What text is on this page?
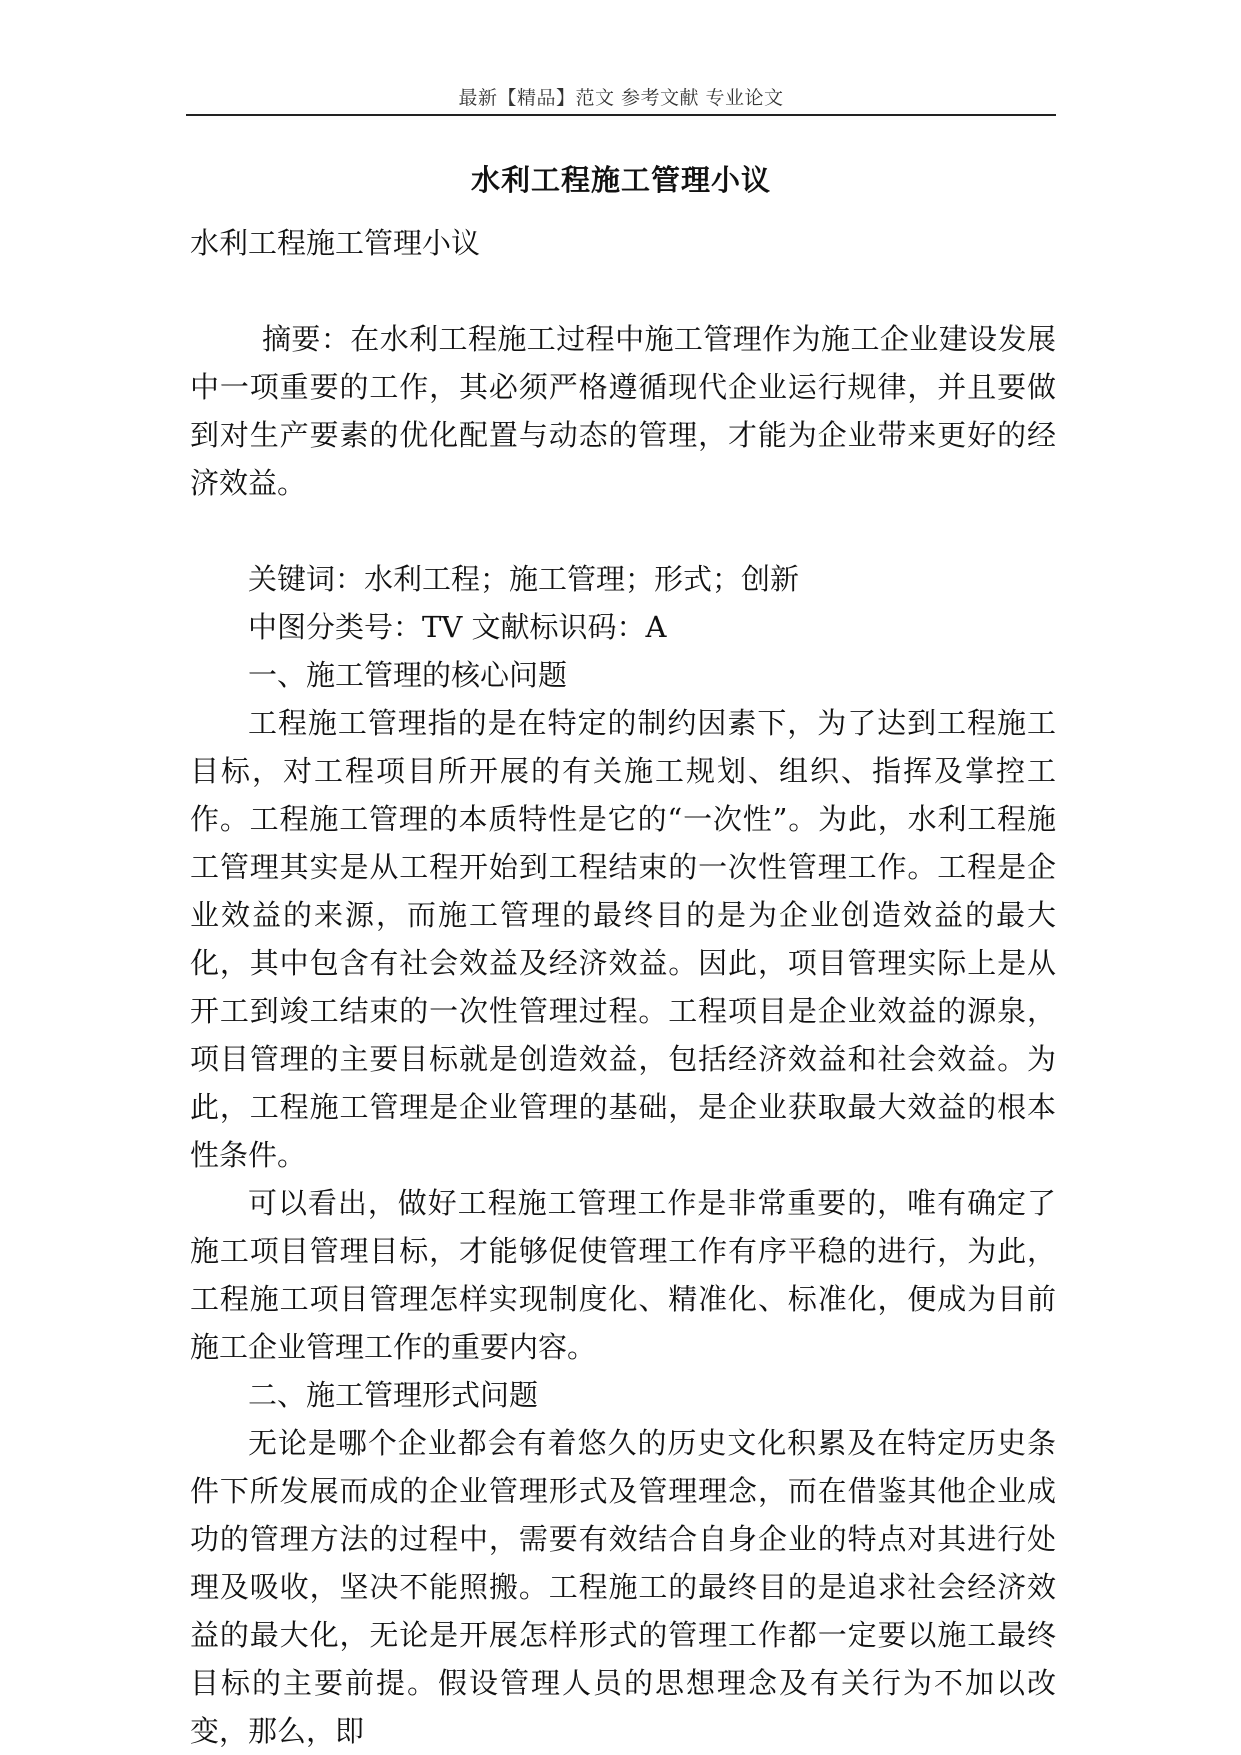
最新【精品】范文 参考文献 专业论文
水利工程施工管理小议

水利工程施工管理小议

摘要：在水利工程施工过程中施工管理作为施工企业建设发展中一项重要的工作，其必须严格遵循现代企业运行规律，并且要做到对生产要素的优化配置与动态的管理，才能为企业带来更好的经济效益。

关键词：水利工程；施工管理；形式；创新

中图分类号：TV 文献标识码：A

一、施工管理的核心问题

工程施工管理指的是在特定的制约因素下，为了达到工程施工目标，对工程项目所开展的有关施工规划、组织、指挥及掌控工作。工程施工管理的本质特性是它的“一次性”。为此，水利工程施工管理其实是从工程开始到工程结束的一次性管理工作。工程是企业效益的来源，而施工管理的最终目的是为企业创造效益的最大化，其中包含有社会效益及经济效益。因此，项目管理实际上是从开工到竣工结束的一次性管理过程。工程项目是企业效益的源泉，项目管理的主要目标就是创造效益，包括经济效益和社会效益。为此，工程施工管理是企业管理的基础，是企业获取最大效益的根本性条件。

可以看出，做好工程施工管理工作是非常重要的，唯有确定了施工项目管理目标，才能够促使管理工作有序平稳的进行，为此，工程施工项目管理怎样实现制度化、精准化、标准化，便成为目前施工企业管理工作的重要内容。

二、施工管理形式问题

无论是哪个企业都会有着悠久的历史文化积累及在特定历史条件下所发展而成的企业管理形式及管理理念，而在借鉴其他企业成功的管理方法的过程中，需要有效结合自身企业的特点对其进行处理及吸收，坚决不能照搬。工程施工的最终目的是追求社会经济效益的最大化，无论是开展怎样形式的管理工作都一定要以施工最终目标的主要前提。假设管理人员的思想理念及有关行为不加以改变，那么，即
